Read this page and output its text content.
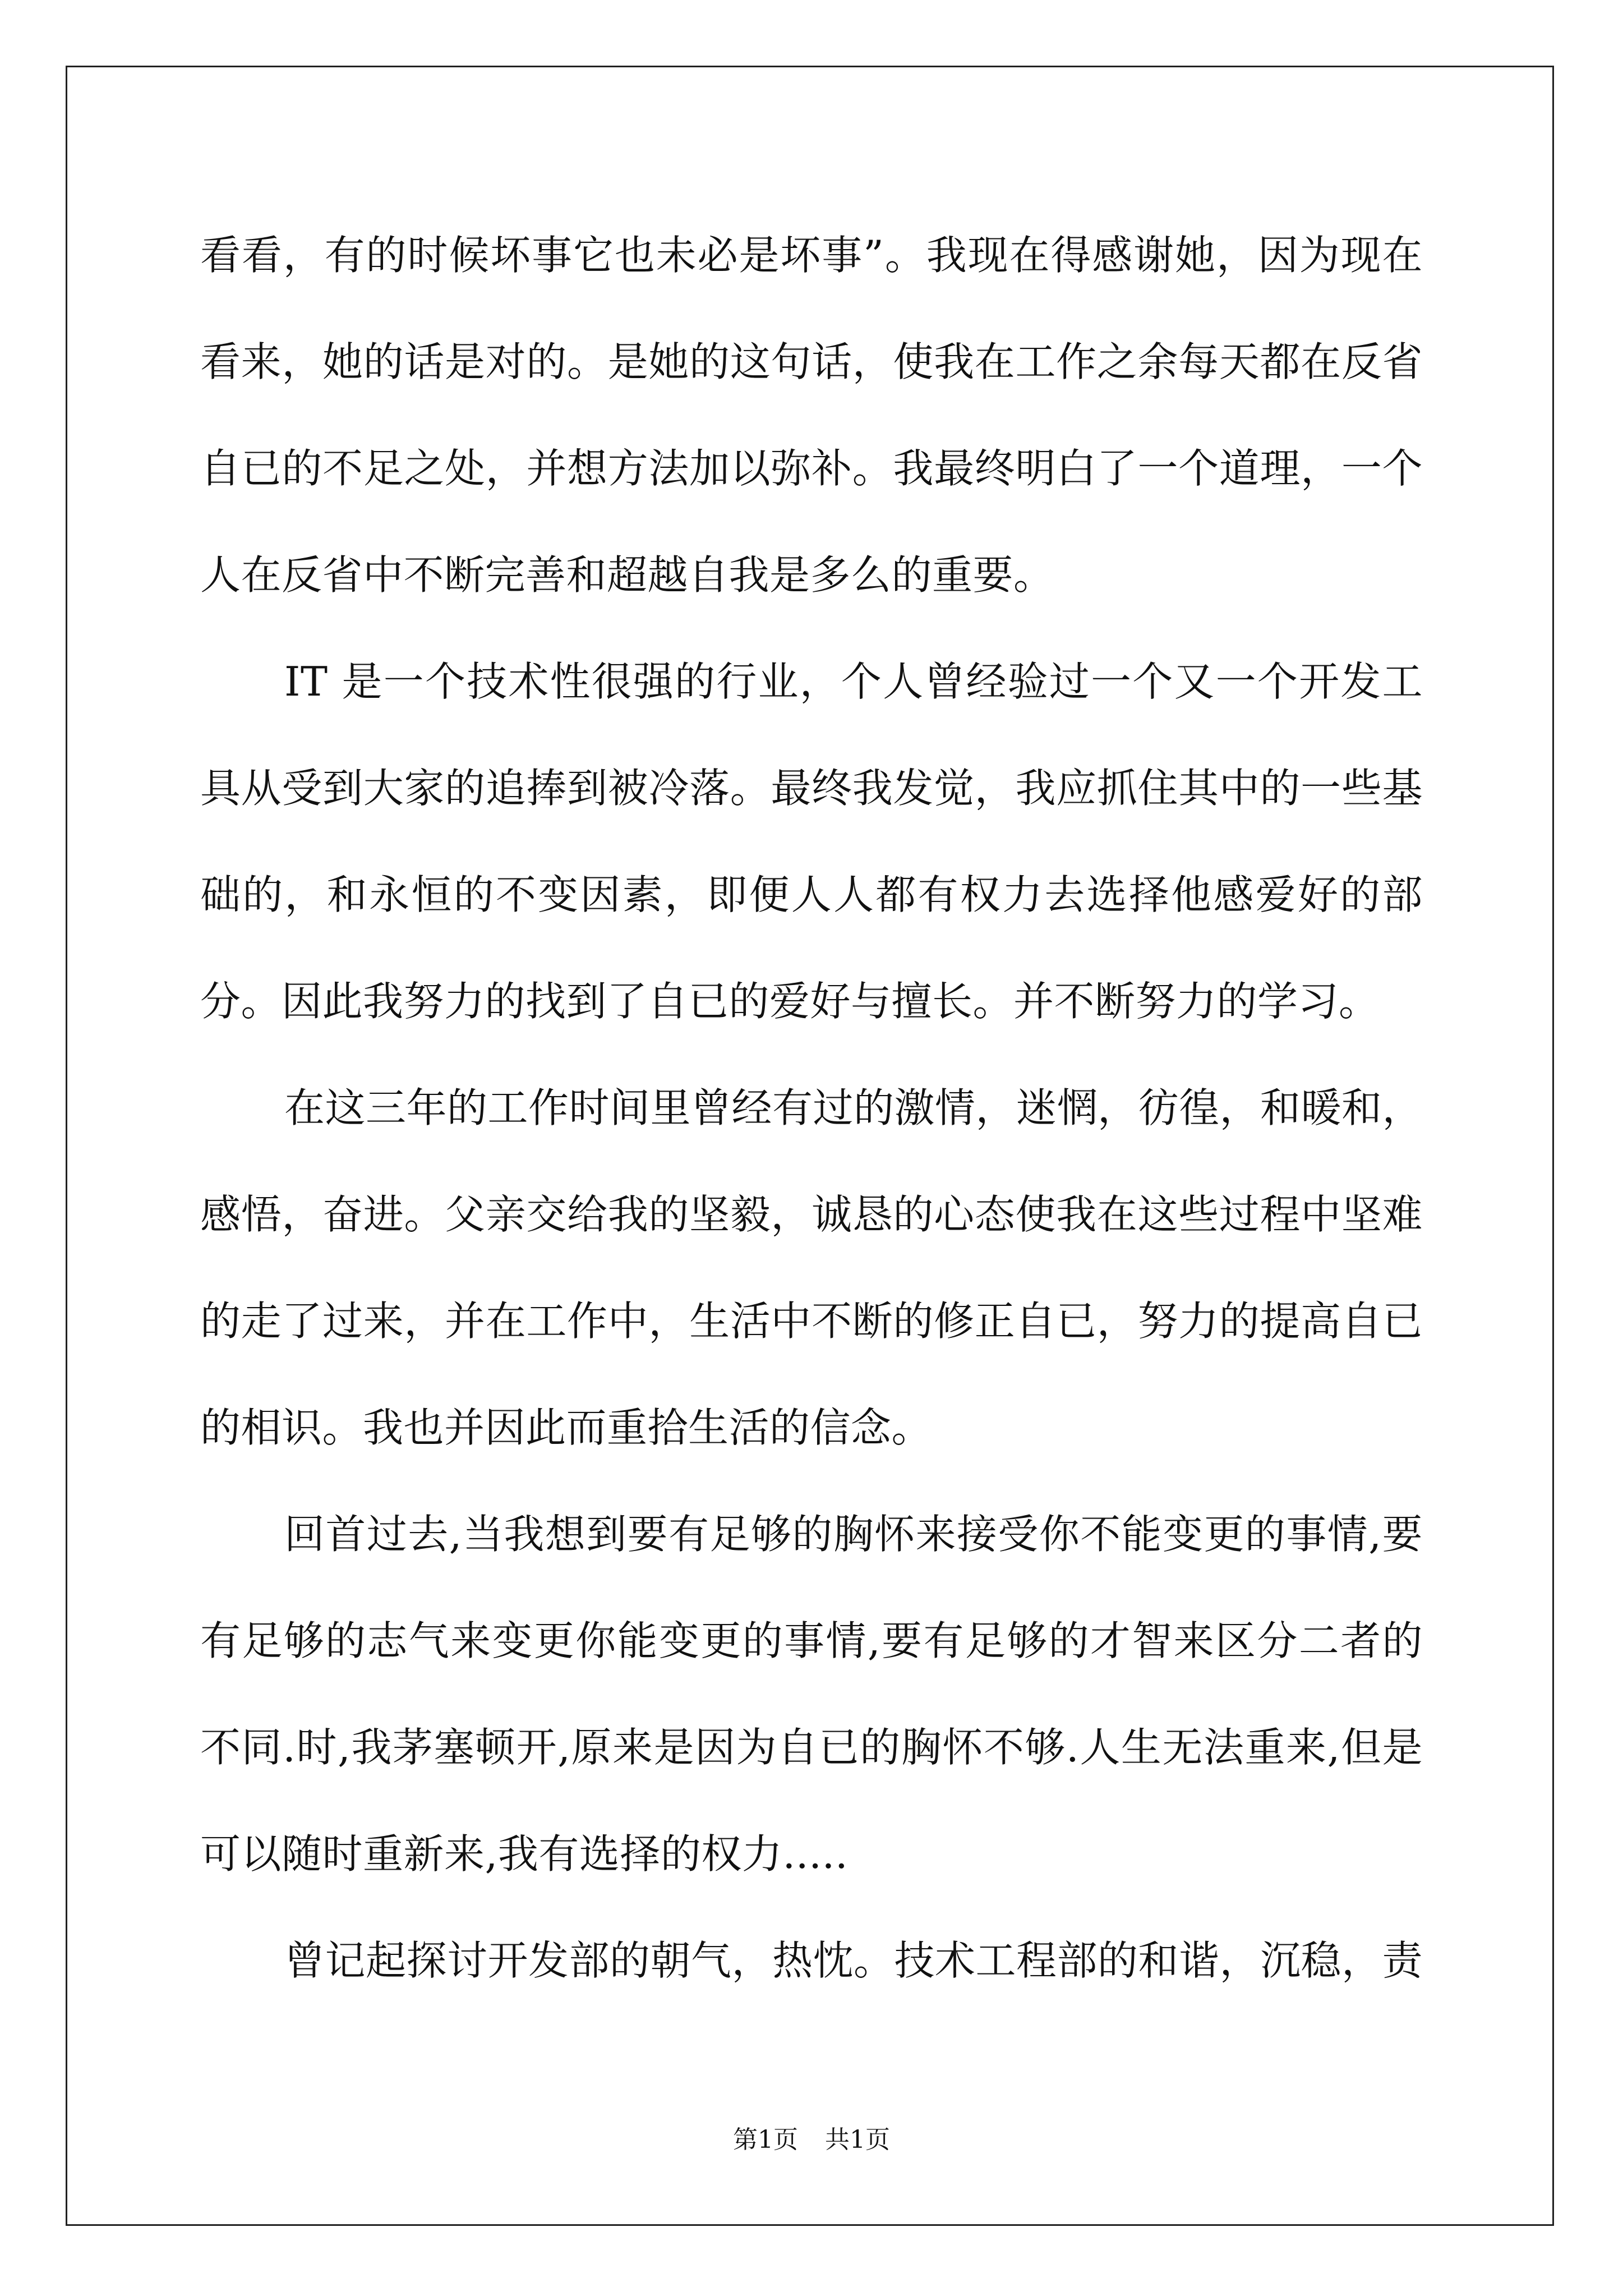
看看，有的时候坏事它也未必是坏事”。我现在得感谢她，因为现在看来，她的话是对的。是她的这句话，使我在工作之余每天都在反省自已的不足之处，并想方法加以弥补。我最终明白了一个道理，一个人在反省中不断完善和超越自我是多么的重要。

IT 是一个技术性很强的行业，个人曾经验过一个又一个开发工具从受到大家的追捧到被冷落。最终我发觉，我应抓住其中的一些基础的，和永恒的不变因素，即便人人都有权力去选择他感爱好的部分。因此我努力的找到了自已的爱好与擅长。并不断努力的学习。

在这三年的工作时间里曾经有过的激情，迷惘，彷徨，和暖和，感悟，奋进。父亲交给我的坚毅，诚恳的心态使我在这些过程中坚难的走了过来，并在工作中，生活中不断的修正自已，努力的提高自已的相识。我也并因此而重拾生活的信念。

回首过去,当我想到要有足够的胸怀来接受你不能变更的事情,要有足够的志气来变更你能变更的事情,要有足够的才智来区分二者的不同.时,我茅塞顿开,原来是因为自已的胸怀不够.人生无法重来,但是可以随时重新来,我有选择的权力.....

曾记起探讨开发部的朝气，热忱。技术工程部的和谐，沉稳，责

第1页 共1页
